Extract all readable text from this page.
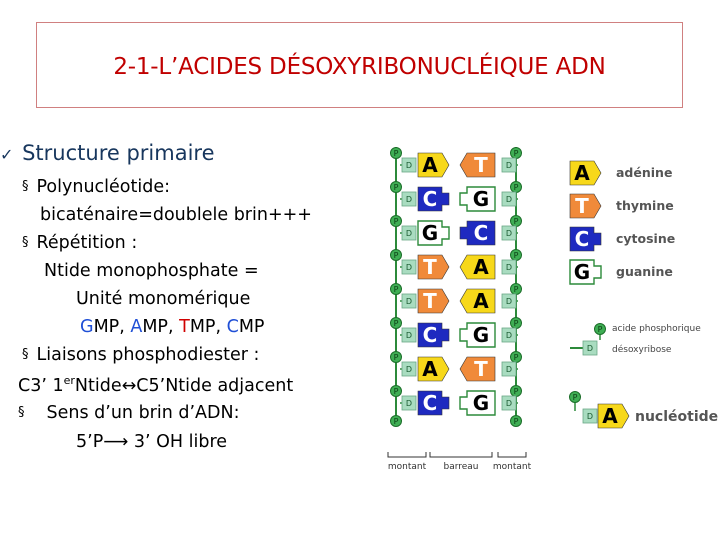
2-1-L’ACIDES DÉSOXYRIBONUCLÉIQUE ADN
✓ Structure primaire
§ Polynucléotide:
bicaténaire=doublele brin+++
§ Répétition :
Ntide monophosphate =
Unité monomérique
GMP, AMP, TMP, CMP
§ Liaisons phosphodiester :
C3’ 1erNtide↔C5’Ntide adjacent
§ Sens d’un brin d’ADN:
5’P⟶ 3’ OH libre
P	P
D	D
A T
P	P
D	D
C G
P	P
D	D
G C
P	P
D	D
T A
P	P
D	D
T A
P	P
D	D
C G
P	P
D	D
A T
P	P
D	D
C G
P	P
montant barreau montant
A adénine
T thymine
C cytosine
G guanine
P
D
acide phosphorique
désoxyribose
P
D A nucléotide
